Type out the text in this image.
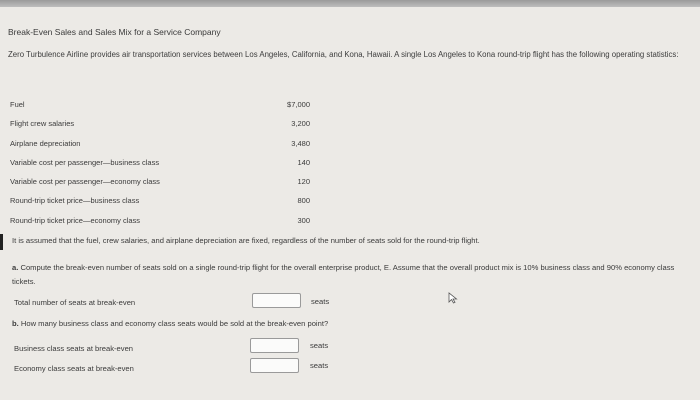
Break-Even Sales and Sales Mix for a Service Company
Zero Turbulence Airline provides air transportation services between Los Angeles, California, and Kona, Hawaii. A single Los Angeles to Kona round-trip flight has the following operating statistics:
Fuel	$7,000
Flight crew salaries	3,200
Airplane depreciation	3,480
Variable cost per passenger—business class	140
Variable cost per passenger—economy class	120
Round-trip ticket price—business class	800
Round-trip ticket price—economy class	300
It is assumed that the fuel, crew salaries, and airplane depreciation are fixed, regardless of the number of seats sold for the round-trip flight.
a. Compute the break-even number of seats sold on a single round-trip flight for the overall enterprise product, E. Assume that the overall product mix is 10% business class and 90% economy class tickets.
Total number of seats at break-even	seats
b. How many business class and economy class seats would be sold at the break-even point?
Business class seats at break-even	seats
Economy class seats at break-even	seats
